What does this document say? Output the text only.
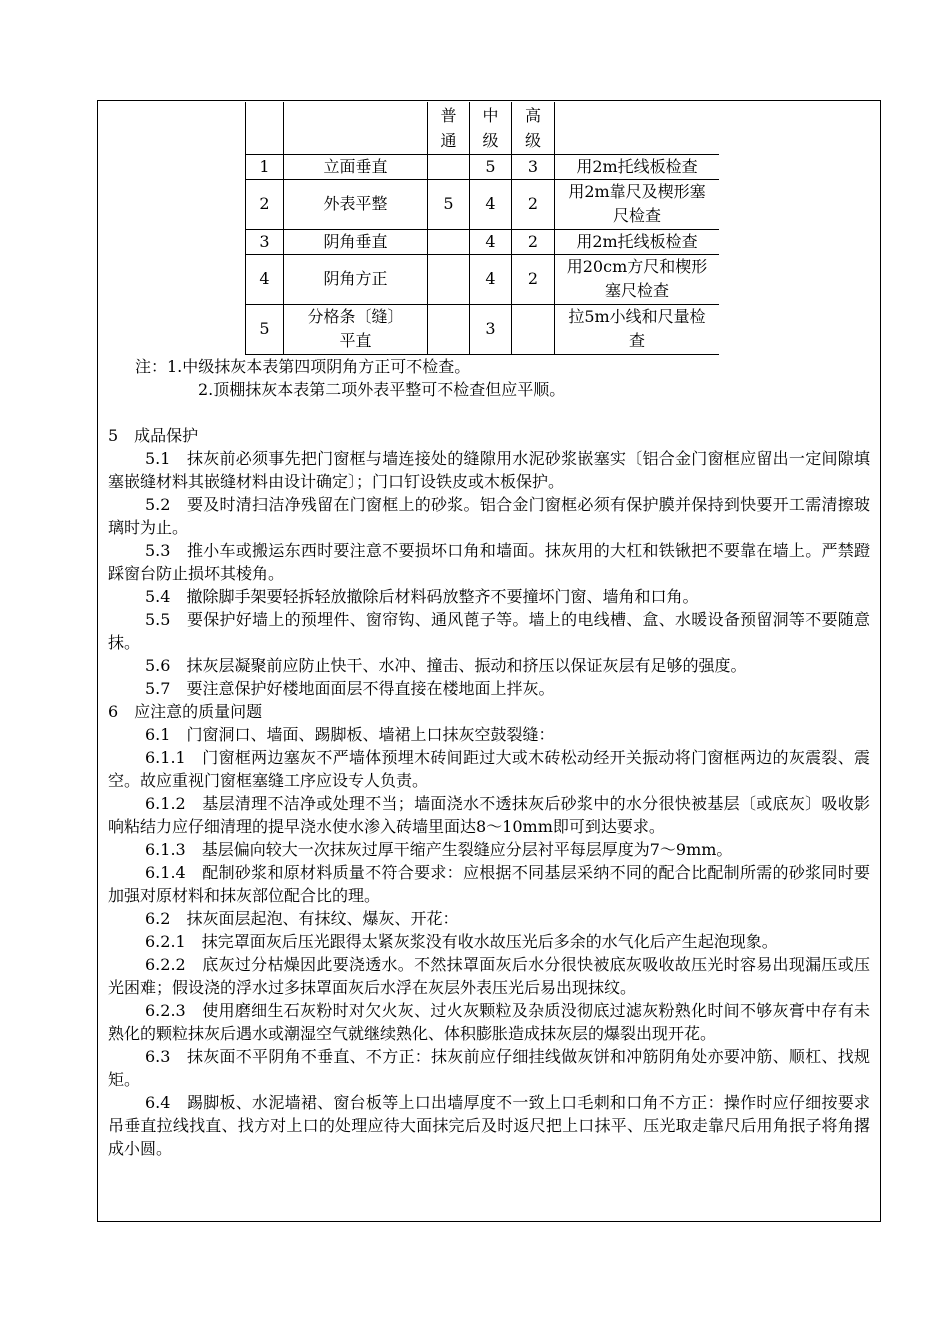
		普通	中级	高级	
1	立面垂直		5	3	用2m托线板检查
2	外表平整	5	4	2	用2m靠尺及楔形塞尺检查
3	阴角垂直		4	2	用2m托线板检查
4	阴角方正		4	2	用20cm方尺和楔形塞尺检查
5	分格条〔缝〕平直		3		拉5m小线和尺量检查
注：1.中级抹灰本表第四项阴角方正可不检查。
2.顶棚抹灰本表第二项外表平整可不检查但应平顺。

5　成品保护

5.1　抹灰前必须事先把门窗框与墙连接处的缝隙用水泥砂浆嵌塞实〔铝合金门窗框应留出一定间隙填塞嵌缝材料其嵌缝材料由设计确定〕；门口钉设铁皮或木板保护。

5.2　要及时清扫洁净残留在门窗框上的砂浆。铝合金门窗框必须有保护膜并保持到快要开工需清擦玻璃时为止。

5.3　推小车或搬运东西时要注意不要损坏口角和墙面。抹灰用的大杠和铁锹把不要靠在墙上。严禁蹬踩窗台防止损坏其棱角。

5.4　撤除脚手架要轻拆轻放撤除后材料码放整齐不要撞坏门窗、墙角和口角。

5.5　要保护好墙上的预埋件、窗帘钩、通风蓖子等。墙上的电线槽、盒、水暖设备预留洞等不要随意抹。

5.6　抹灰层凝聚前应防止快干、水冲、撞击、振动和挤压以保证灰层有足够的强度。

5.7　要注意保护好楼地面面层不得直接在楼地面上拌灰。

6　应注意的质量问题

6.1　门窗洞口、墙面、踢脚板、墙裙上口抹灰空鼓裂缝：

6.1.1　门窗框两边塞灰不严墙体预埋木砖间距过大或木砖松动经开关振动将门窗框两边的灰震裂、震空。故应重视门窗框塞缝工序应设专人负责。

6.1.2　基层清理不洁净或处理不当；墙面浇水不透抹灰后砂浆中的水分很快被基层〔或底灰〕吸收影响粘结力应仔细清理的提早浇水使水渗入砖墙里面达8～10mm即可到达要求。

6.1.3　基层偏向较大一次抹灰过厚干缩产生裂缝应分层衬平每层厚度为7～9mm。

6.1.4　配制砂浆和原材料质量不符合要求：应根据不同基层采纳不同的配合比配制所需的砂浆同时要加强对原材料和抹灰部位配合比的理。

6.2　抹灰面层起泡、有抹纹、爆灰、开花：

6.2.1　抹完罩面灰后压光跟得太紧灰浆没有收水故压光后多余的水气化后产生起泡现象。

6.2.2　底灰过分枯燥因此要浇透水。不然抹罩面灰后水分很快被底灰吸收故压光时容易出现漏压或压光困难；假设浇的浮水过多抹罩面灰后水浮在灰层外表压光后易出现抹纹。

6.2.3　使用磨细生石灰粉时对欠火灰、过火灰颗粒及杂质没彻底过滤灰粉熟化时间不够灰膏中存有未熟化的颗粒抹灰后遇水或潮湿空气就继续熟化、体积膨胀造成抹灰层的爆裂出现开花。

6.3　抹灰面不平阴角不垂直、不方正：抹灰前应仔细挂线做灰饼和冲筋阴角处亦要冲筋、顺杠、找规矩。

6.4　踢脚板、水泥墙裙、窗台板等上口出墙厚度不一致上口毛刺和口角不方正：操作时应仔细按要求吊垂直拉线找直、找方对上口的处理应待大面抹完后及时返尺把上口抹平、压光取走靠尺后用角抿子将角撂成小圆。
